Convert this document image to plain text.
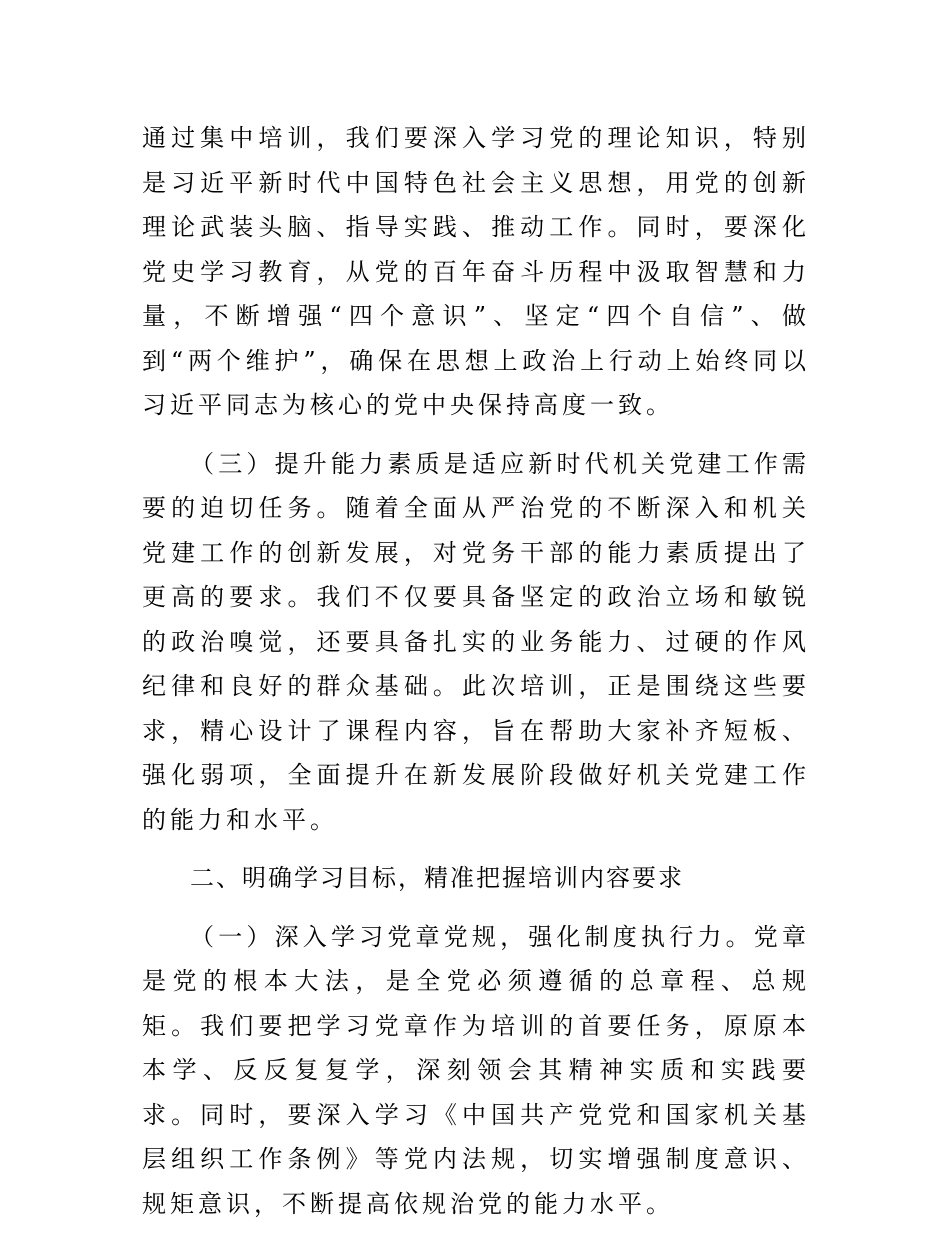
通过集中培训，我们要深入学习党的理论知识，特别是习近平新时代中国特色社会主义思想，用党的创新理论武装头脑、指导实践、推动工作。同时，要深化党史学习教育，从党的百年奋斗历程中汲取智慧和力量，不断增强“四个意识”、坚定“四个自信”、做到“两个维护”，确保在思想上政治上行动上始终同以习近平同志为核心的党中央保持高度一致。

（三）提升能力素质是适应新时代机关党建工作需要的迫切任务。随着全面从严治党的不断深入和机关党建工作的创新发展，对党务干部的能力素质提出了更高的要求。我们不仅要具备坚定的政治立场和敏锐的政治嗅觉，还要具备扎实的业务能力、过硬的作风纪律和良好的群众基础。此次培训，正是围绕这些要求，精心设计了课程内容，旨在帮助大家补齐短板、强化弱项，全面提升在新发展阶段做好机关党建工作的能力和水平。

二、明确学习目标，精准把握培训内容要求

（一）深入学习党章党规，强化制度执行力。党章是党的根本大法，是全党必须遵循的总章程、总规矩。我们要把学习党章作为培训的首要任务，原原本本学、反反复复学，深刻领会其精神实质和实践要求。同时，要深入学习《中国共产党党和国家机关基层组织工作条例》等党内法规，切实增强制度意识、规矩意识，不断提高依规治党的能力水平。
